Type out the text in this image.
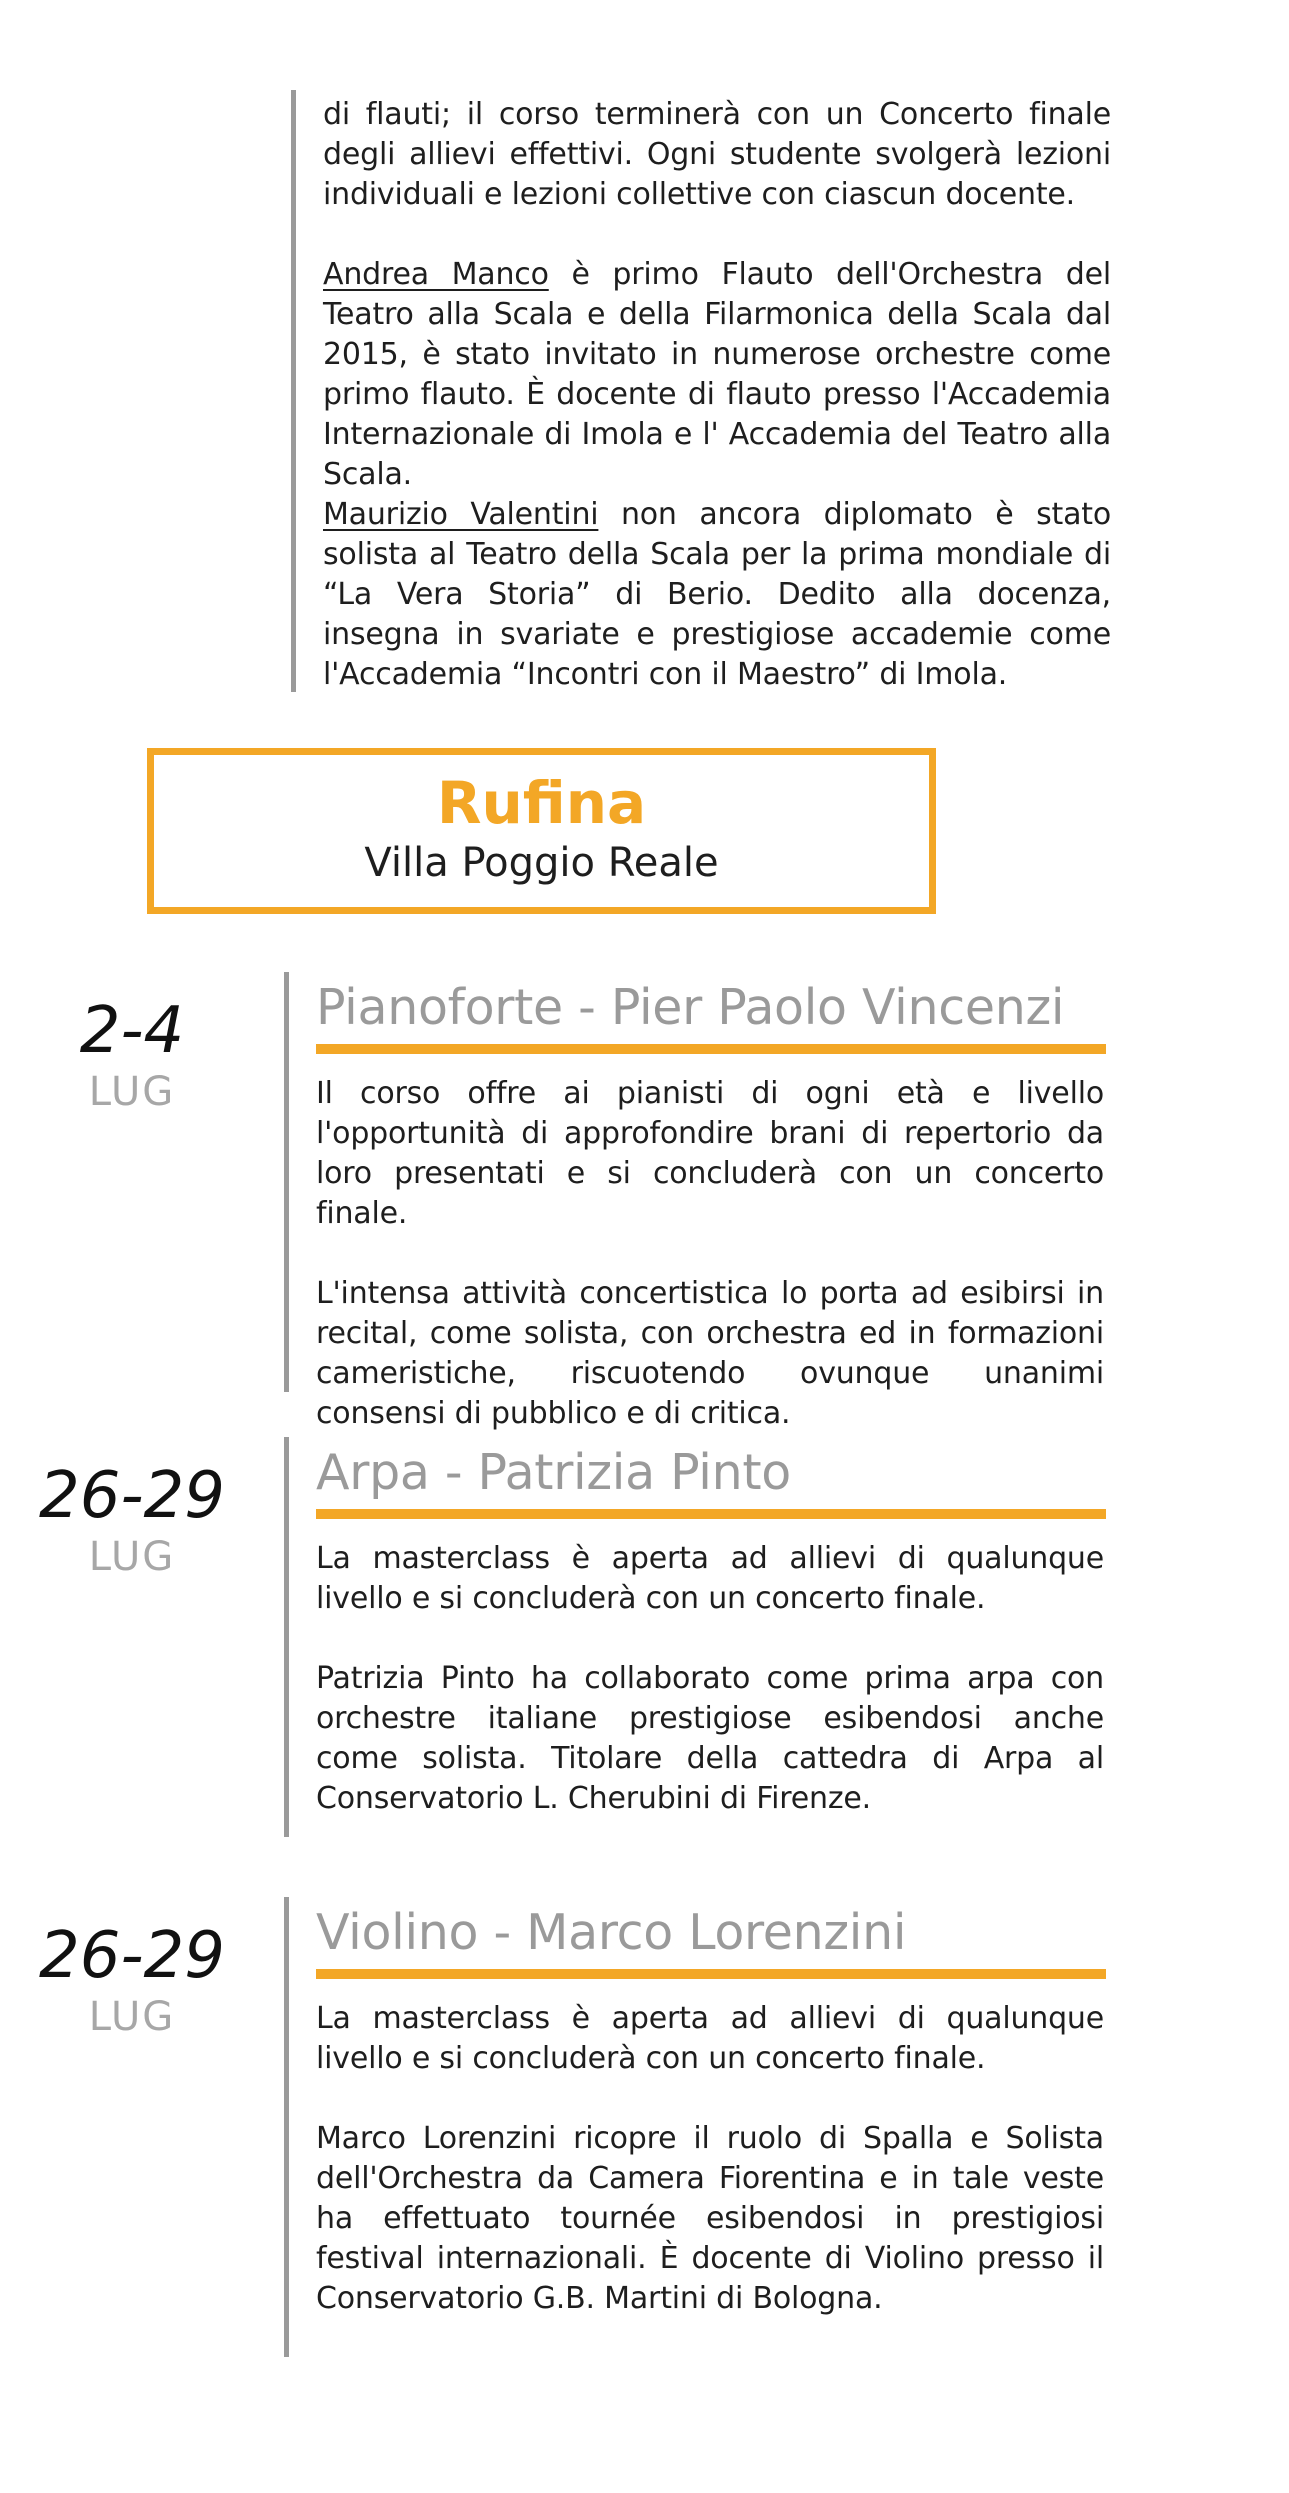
di flauti; il corso terminerà con un Concerto finale degli allievi effettivi. Ogni studente svolgerà lezioni individuali e lezioni collettive con ciascun docente.

Andrea Manco è primo Flauto dell'Orchestra del Teatro alla Scala e della Filarmonica della Scala dal 2015, è stato invitato in numerose orchestre come primo flauto. È docente di flauto presso l'Accademia Internazionale di Imola e l' Accademia del Teatro alla Scala.

Maurizio Valentini non ancora diplomato è stato solista al Teatro della Scala per la prima mondiale di “La Vera Storia” di Berio. Dedito alla docenza, insegna in svariate e prestigiose accademie come l'Accademia “Incontri con il Maestro” di Imola.

Rufina
Villa Poggio Reale
2-4
LUG
Pianoforte - Pier Paolo Vincenzi

Il corso offre ai pianisti di ogni età e livello l'opportunità di approfondire brani di repertorio da loro presentati e si concluderà con un concerto finale.

L'intensa attività concertistica lo porta ad esibirsi in recital, come solista, con orchestra ed in formazioni cameristiche, riscuotendo ovunque unanimi consensi di pubblico e di critica.

26-29
LUG
Arpa - Patrizia Pinto

La masterclass è aperta ad allievi di qualunque livello e si concluderà con un concerto finale.

Patrizia Pinto ha collaborato come prima arpa con orchestre italiane prestigiose esibendosi anche come solista. Titolare della cattedra di Arpa al Conservatorio L. Cherubini di Firenze.

26-29
LUG
Violino - Marco Lorenzini

La masterclass è aperta ad allievi di qualunque livello e si concluderà con un concerto finale.

Marco Lorenzini ricopre il ruolo di Spalla e Solista dell'Orchestra da Camera Fiorentina e in tale veste ha effettuato tournée esibendosi in prestigiosi festival internazionali. È docente di Violino presso il Conservatorio G.B. Martini di Bologna.
